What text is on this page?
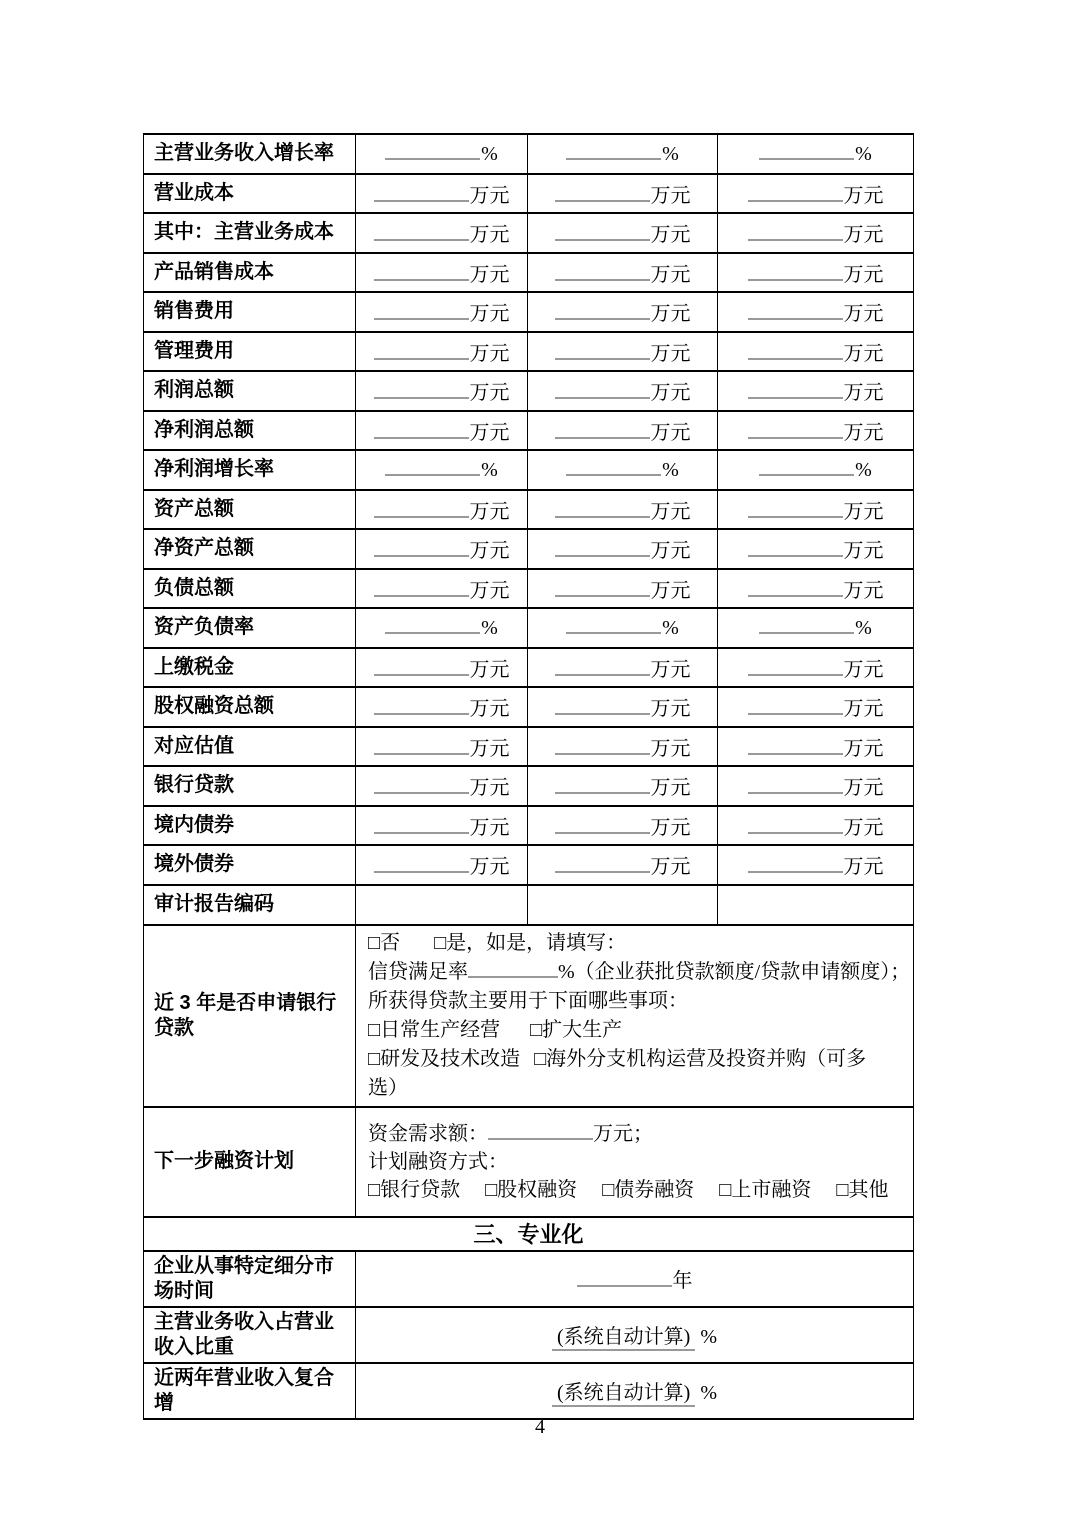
主营业务收入增长率	%	%	%
营业成本	万元	万元	万元
其中：主营业务成本	万元	万元	万元
产品销售成本	万元	万元	万元
销售费用	万元	万元	万元
管理费用	万元	万元	万元
利润总额	万元	万元	万元
净利润总额	万元	万元	万元
净利润增长率	%	%	%
资产总额	万元	万元	万元
净资产总额	万元	万元	万元
负债总额	万元	万元	万元
资产负债率	%	%	%
上缴税金	万元	万元	万元
股权融资总额	万元	万元	万元
对应估值	万元	万元	万元
银行贷款	万元	万元	万元
境内债券	万元	万元	万元
境外债券	万元	万元	万元
审计报告编码			
近 3 年是否申请银行贷款	
□否 □是，如是，请填写：
信贷满足率	%（企业获批贷款额度/贷款申请额度）；
所获得贷款主要用于下面哪些事项：
□日常生产经营 □扩大生产
□研发及技术改造 □海外分支机构运营及投资并购（可多
选）

下一步融资计划	资金需求额： 万元；
计划融资方式：
□银行贷款 □股权融资 □债券融资 □上市融资 □其他		

三、专业化			
企业从事特定细分市场时间	年		
主营业务收入占营业收入比重	(系统自动计算) %		
近两年营业收入复合增	(系统自动计算) %		
4
